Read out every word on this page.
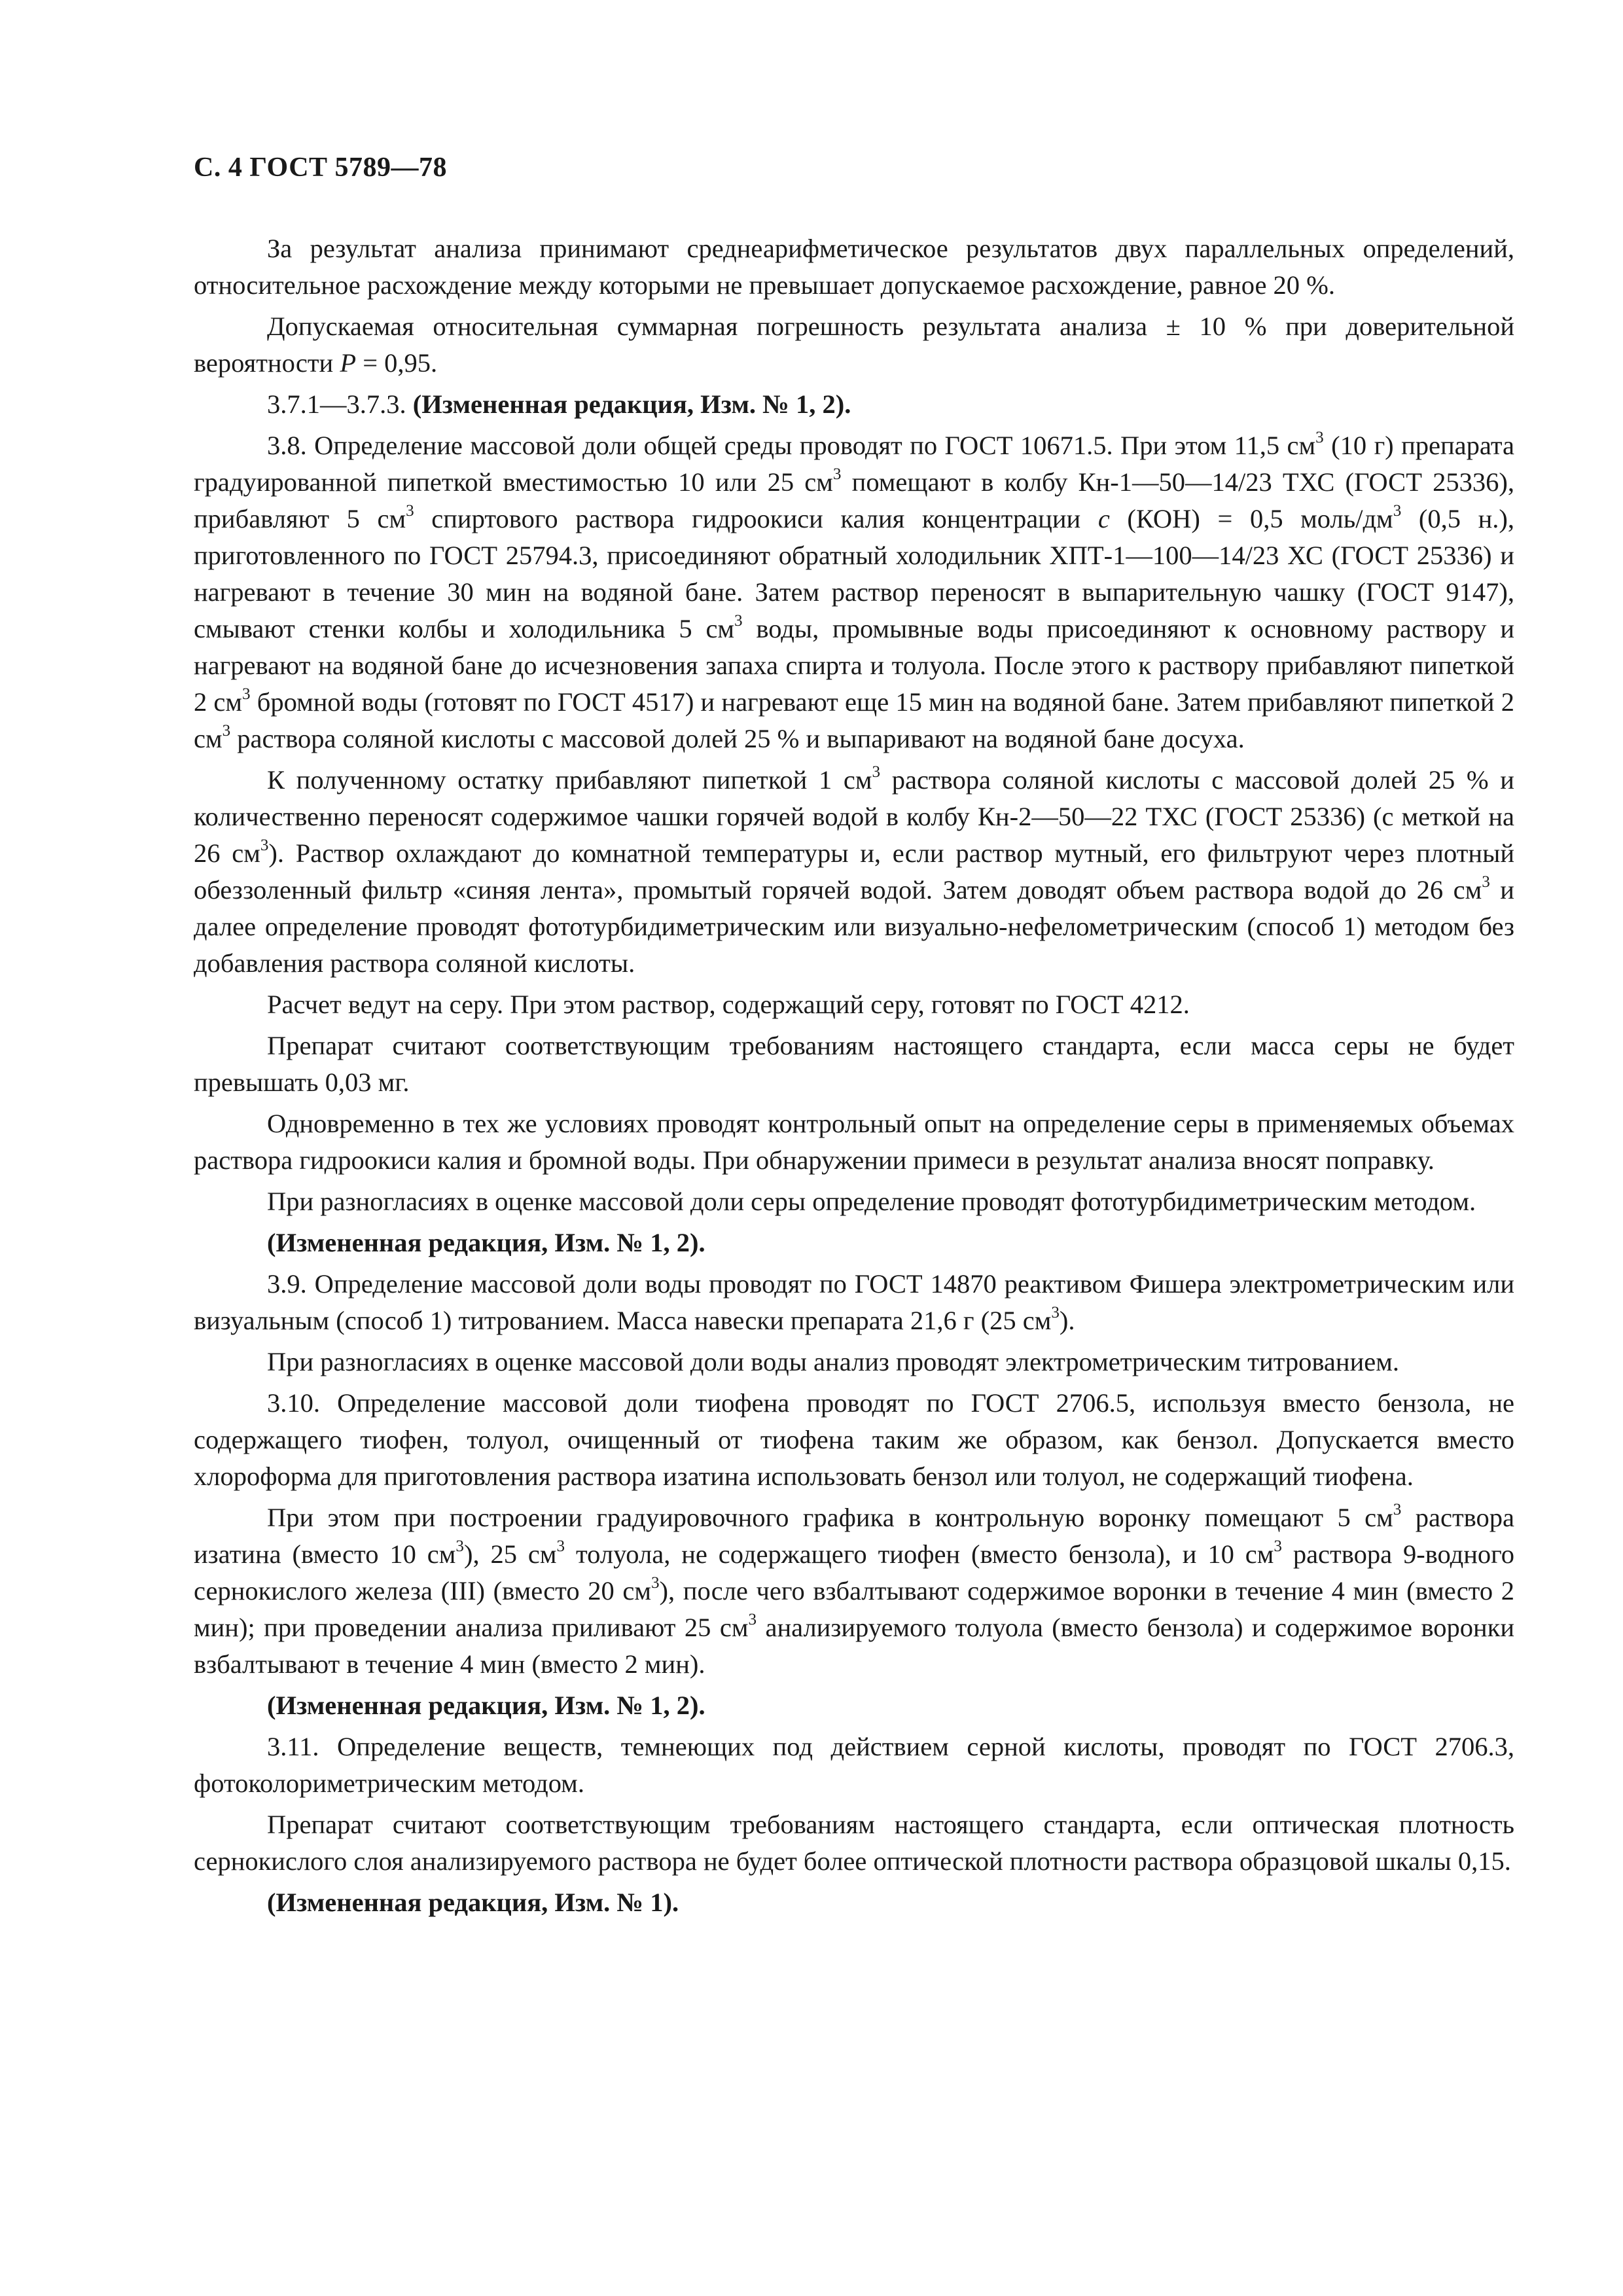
С. 4 ГОСТ 5789—78

За результат анализа принимают среднеарифметическое результатов двух параллельных определений, относительное расхождение между которыми не превышает допускаемое расхождение, равное 20 %.

Допускаемая относительная суммарная погрешность результата анализа ± 10 % при доверительной вероятности P = 0,95.

3.7.1—3.7.3. (Измененная редакция, Изм. № 1, 2).

3.8. Определение массовой доли общей среды проводят по ГОСТ 10671.5. При этом 11,5 $см^3$ (10 г) препарата градуированной пипеткой вместимостью 10 или 25 $см^3$ помещают в колбу Кн-1—50—14/23 ТХС (ГОСТ 25336), прибавляют 5 $см^3$ спиртового раствора гидроокиси калия концентрации с (КОН) = 0,5 моль/$дм^3$ (0,5 н.), приготовленного по ГОСТ 25794.3, присоединяют обратный холодильник ХПТ-1—100—14/23 ХС (ГОСТ 25336) и нагревают в течение 30 мин на водяной бане. Затем раствор переносят в выпарительную чашку (ГОСТ 9147), смывают стенки колбы и холодильника 5 $см^3$ воды, промывные воды присоединяют к основному раствору и нагревают на водяной бане до исчезновения запаха спирта и толуола. После этого к раствору прибавляют пипеткой 2 $см^3$ бромной воды (готовят по ГОСТ 4517) и нагревают еще 15 мин на водяной бане. Затем прибавляют пипеткой 2 $см^3$ раствора соляной кислоты с массовой долей 25 % и выпаривают на водяной бане досуха.

К полученному остатку прибавляют пипеткой 1 $см^3$ раствора соляной кислоты с массовой долей 25 % и количественно переносят содержимое чашки горячей водой в колбу Кн-2—50—22 ТХС (ГОСТ 25336) (с меткой на 26 $см^3$). Раствор охлаждают до комнатной температуры и, если раствор мутный, его фильтруют через плотный обеззоленный фильтр «синяя лента», промытый горячей водой. Затем доводят объем раствора водой до 26 $см^3$ и далее определение проводят фототурбидиметрическим или визуально-нефелометрическим (способ 1) методом без добавления раствора соляной кислоты.

Расчет ведут на серу. При этом раствор, содержащий серу, готовят по ГОСТ 4212.

Препарат считают соответствующим требованиям настоящего стандарта, если масса серы не будет превышать 0,03 мг.

Одновременно в тех же условиях проводят контрольный опыт на определение серы в применяемых объемах раствора гидроокиси калия и бромной воды. При обнаружении примеси в результат анализа вносят поправку.

При разногласиях в оценке массовой доли серы определение проводят фототурбидиметрическим методом.

(Измененная редакция, Изм. № 1, 2).

3.9. Определение массовой доли воды проводят по ГОСТ 14870 реактивом Фишера электрометрическим или визуальным (способ 1) титрованием. Масса навески препарата 21,6 г (25 $см^3$).

При разногласиях в оценке массовой доли воды анализ проводят электрометрическим титрованием.

3.10. Определение массовой доли тиофена проводят по ГОСТ 2706.5, используя вместо бензола, не содержащего тиофен, толуол, очищенный от тиофена таким же образом, как бензол. Допускается вместо хлороформа для приготовления раствора изатина использовать бензол или толуол, не содержащий тиофена.

При этом при построении градуировочного графика в контрольную воронку помещают 5 $см^3$ раствора изатина (вместо 10 $см^3$), 25 $см^3$ толуола, не содержащего тиофен (вместо бензола), и 10 $см^3$ раствора 9-водного сернокислого железа (III) (вместо 20 $см^3$), после чего взбалтывают содержимое воронки в течение 4 мин (вместо 2 мин); при проведении анализа приливают 25 $см^3$ анализируемого толуола (вместо бензола) и содержимое воронки взбалтывают в течение 4 мин (вместо 2 мин).

(Измененная редакция, Изм. № 1, 2).

3.11. Определение веществ, темнеющих под действием серной кислоты, проводят по ГОСТ 2706.3, фотоколориметрическим методом.

Препарат считают соответствующим требованиям настоящего стандарта, если оптическая плотность сернокислого слоя анализируемого раствора не будет более оптической плотности раствора образцовой шкалы 0,15.

(Измененная редакция, Изм. № 1).
